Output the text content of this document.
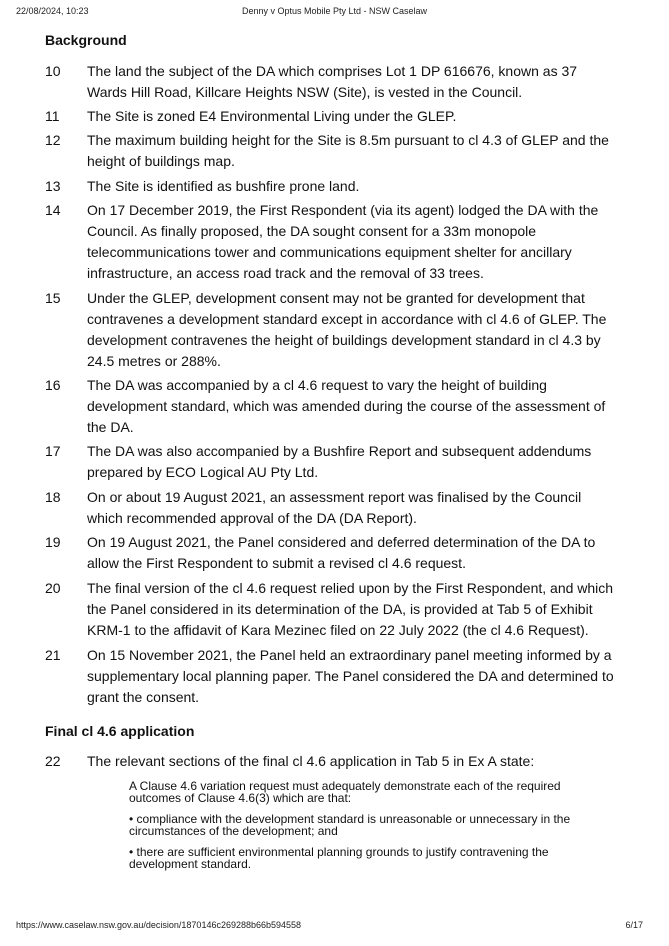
22/08/2024, 10:23	Denny v Optus Mobile Pty Ltd - NSW Caselaw
Background
10 The land the subject of the DA which comprises Lot 1 DP 616676, known as 37 Wards Hill Road, Killcare Heights NSW (Site), is vested in the Council.
11 The Site is zoned E4 Environmental Living under the GLEP.
12 The maximum building height for the Site is 8.5m pursuant to cl 4.3 of GLEP and the height of buildings map.
13 The Site is identified as bushfire prone land.
14 On 17 December 2019, the First Respondent (via its agent) lodged the DA with the Council. As finally proposed, the DA sought consent for a 33m monopole telecommunications tower and communications equipment shelter for ancillary infrastructure, an access road track and the removal of 33 trees.
15 Under the GLEP, development consent may not be granted for development that contravenes a development standard except in accordance with cl 4.6 of GLEP. The development contravenes the height of buildings development standard in cl 4.3 by 24.5 metres or 288%.
16 The DA was accompanied by a cl 4.6 request to vary the height of building development standard, which was amended during the course of the assessment of the DA.
17 The DA was also accompanied by a Bushfire Report and subsequent addendums prepared by ECO Logical AU Pty Ltd.
18 On or about 19 August 2021, an assessment report was finalised by the Council which recommended approval of the DA (DA Report).
19 On 19 August 2021, the Panel considered and deferred determination of the DA to allow the First Respondent to submit a revised cl 4.6 request.
20 The final version of the cl 4.6 request relied upon by the First Respondent, and which the Panel considered in its determination of the DA, is provided at Tab 5 of Exhibit KRM-1 to the affidavit of Kara Mezinec filed on 22 July 2022 (the cl 4.6 Request).
21 On 15 November 2021, the Panel held an extraordinary panel meeting informed by a supplementary local planning paper. The Panel considered the DA and determined to grant the consent.
Final cl 4.6 application
22 The relevant sections of the final cl 4.6 application in Tab 5 in Ex A state:
A Clause 4.6 variation request must adequately demonstrate each of the required outcomes of Clause 4.6(3) which are that:
• compliance with the development standard is unreasonable or unnecessary in the circumstances of the development; and
• there are sufficient environmental planning grounds to justify contravening the development standard.
https://www.caselaw.nsw.gov.au/decision/1870146c269288b66b594558	6/17
